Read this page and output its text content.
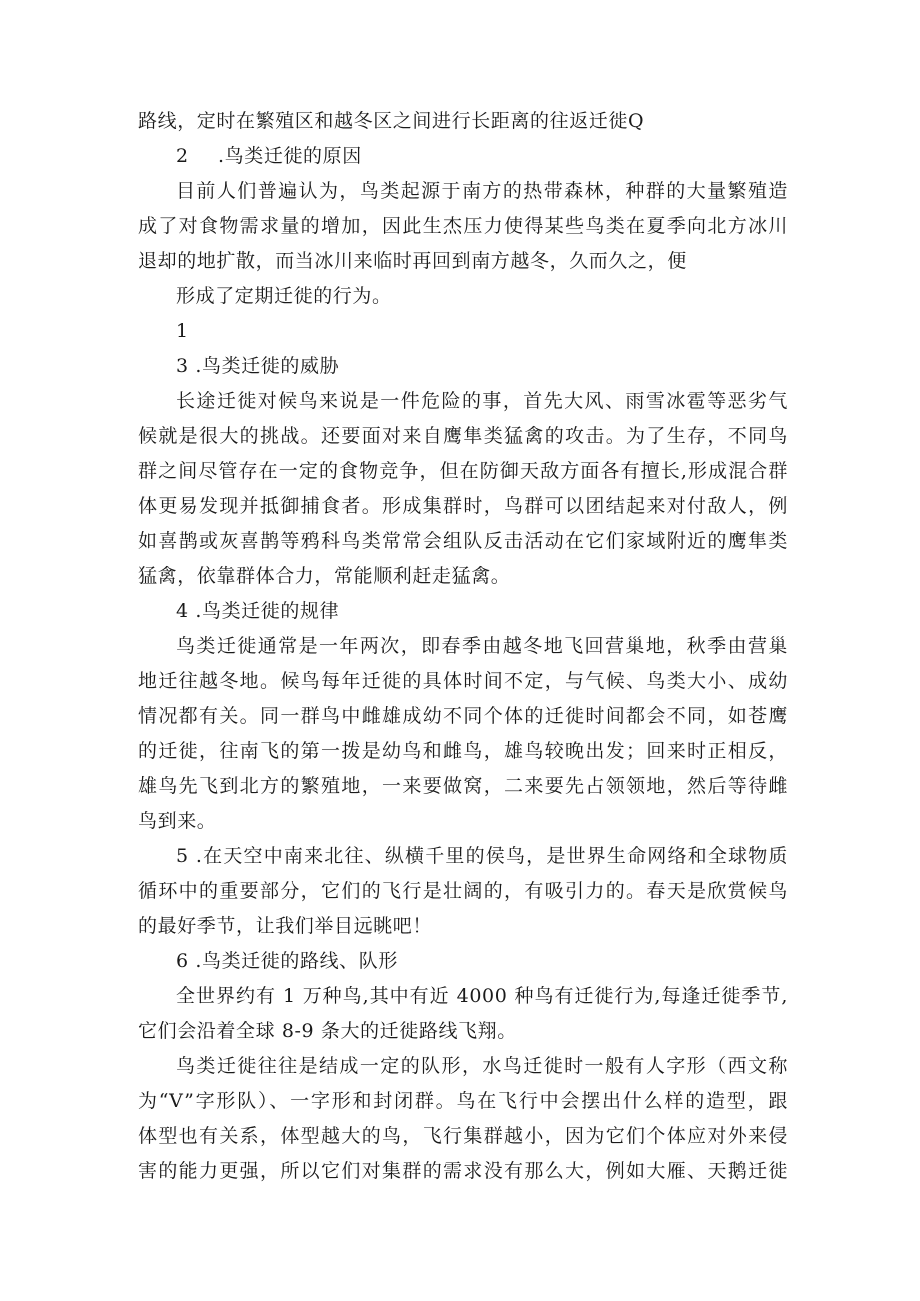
路线，定时在繁殖区和越冬区之间进行长距离的往返迁徙Q
2 .鸟类迁徙的原因
目前人们普遍认为，鸟类起源于南方的热带森林，种群的大量繁殖造
成了对食物需求量的增加，因此生杰压力使得某些鸟类在夏季向北方冰川
退却的地扩散，而当冰川来临时再回到南方越冬，久而久之，便
形成了定期迁徙的行为。
1
3 .鸟类迁徙的威胁
长途迁徙对候鸟来说是一件危险的事，首先大风、雨雪冰雹等恶劣气
候就是很大的挑战。还要面对来自鹰隼类猛禽的攻击。为了生存，不同鸟
群之间尽管存在一定的食物竞争，但在防御天敌方面各有擅长,形成混合群
体更易发现并抵御捕食者。形成集群时，鸟群可以团结起来对付敌人，例
如喜鹊或灰喜鹊等鸦科鸟类常常会组队反击活动在它们家域附近的鹰隼类
猛禽，依靠群体合力，常能顺利赶走猛禽。
4 .鸟类迁徙的规律
鸟类迁徙通常是一年两次，即春季由越冬地飞回营巢地，秋季由营巢
地迁往越冬地。候鸟每年迁徙的具体时间不定，与气候、鸟类大小、成幼
情况都有关。同一群鸟中雌雄成幼不同个体的迁徙时间都会不同，如苍鹰
的迁徙，往南飞的第一拨是幼鸟和雌鸟，雄鸟较晚出发；回来时正相反，
雄鸟先飞到北方的繁殖地，一来要做窝，二来要先占领领地，然后等待雌
鸟到来。
5 .在天空中南来北往、纵横千里的侯鸟，是世界生命网络和全球物质
循环中的重要部分，它们的飞行是壮阔的，有吸引力的。春天是欣赏候鸟
的最好季节，让我们举目远眺吧！
6 .鸟类迁徙的路线、队形
全世界约有 1 万种鸟,其中有近 4000 种鸟有迁徙行为,每逢迁徙季节,
它们会沿着全球 8-9 条大的迁徙路线飞翔。
鸟类迁徙往往是结成一定的队形，水鸟迁徙时一般有人字形（西文称
为“V”字形队）、一字形和封闭群。鸟在飞行中会摆出什么样的造型，跟
体型也有关系，体型越大的鸟，飞行集群越小，因为它们个体应对外来侵
害的能力更强，所以它们对集群的需求没有那么大，例如大雁、天鹅迁徙
